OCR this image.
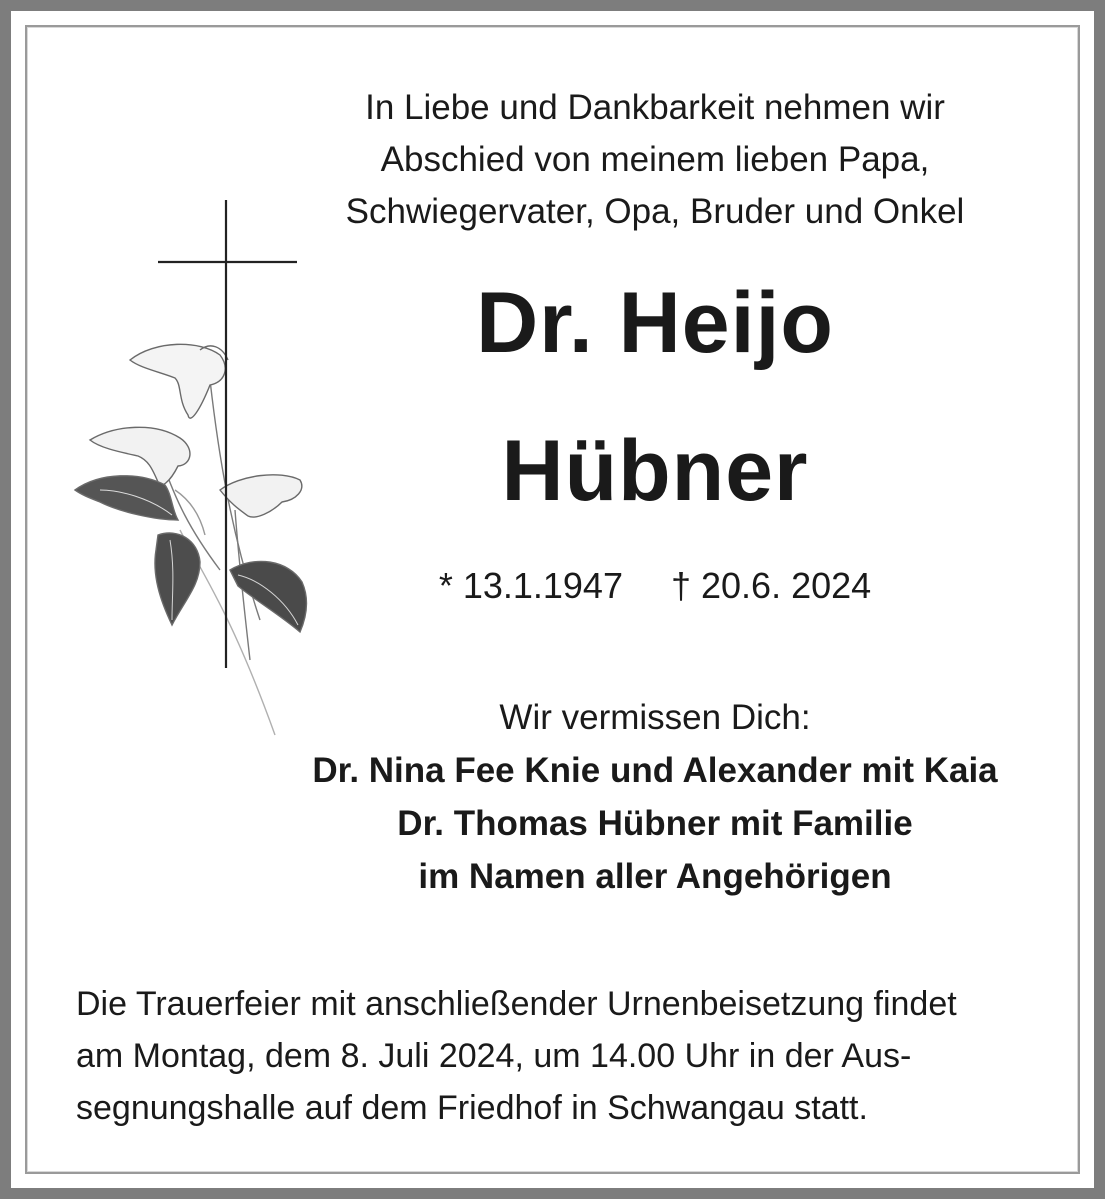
In Liebe und Dankbarkeit nehmen wir
Abschied von meinem lieben Papa,
Schwiegervater, Opa, Bruder und Onkel
Dr. Heijo
Hübner
* 13.1.1947 † 20.6. 2024
Wir vermissen Dich:
Dr. Nina Fee Knie und Alexander mit Kaia
Dr. Thomas Hübner mit Familie
im Namen aller Angehörigen
Die Trauerfeier mit anschließender Urnenbeisetzung findet
am Montag, dem 8. Juli 2024, um 14.00 Uhr in der Aus-
segnungshalle auf dem Friedhof in Schwangau statt.
